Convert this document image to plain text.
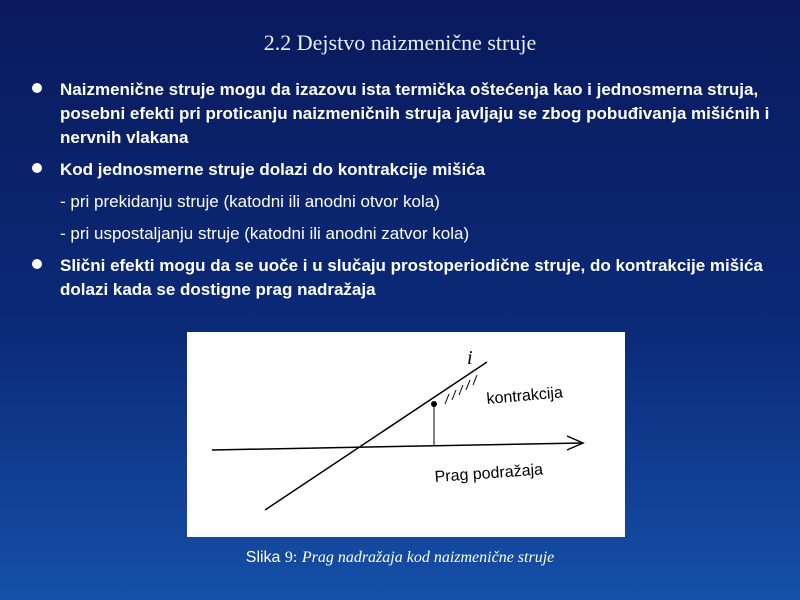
2.2 Dejstvo naizmenične struje
Naizmenične struje mogu da izazovu ista termička oštećenja kao i jednosmerna struja, posebni efekti pri proticanju naizmeničnih struja javljaju se zbog pobuđivanja mišićnih i nervnih vlakana
Kod jednosmerne struje dolazi do kontrakcije mišića
- pri prekidanju struje (katodni ili anodni otvor kola)
- pri uspostaljanju struje (katodni ili anodni zatvor kola)
Slični efekti mogu da se uoče i u slučaju prostoperiodične struje, do kontrakcije mišića dolazi kada se dostigne prag nadražaja
i
kontrakcija
Prag podražaja
Slika 9: Prag nadražaja kod naizmenične struje
